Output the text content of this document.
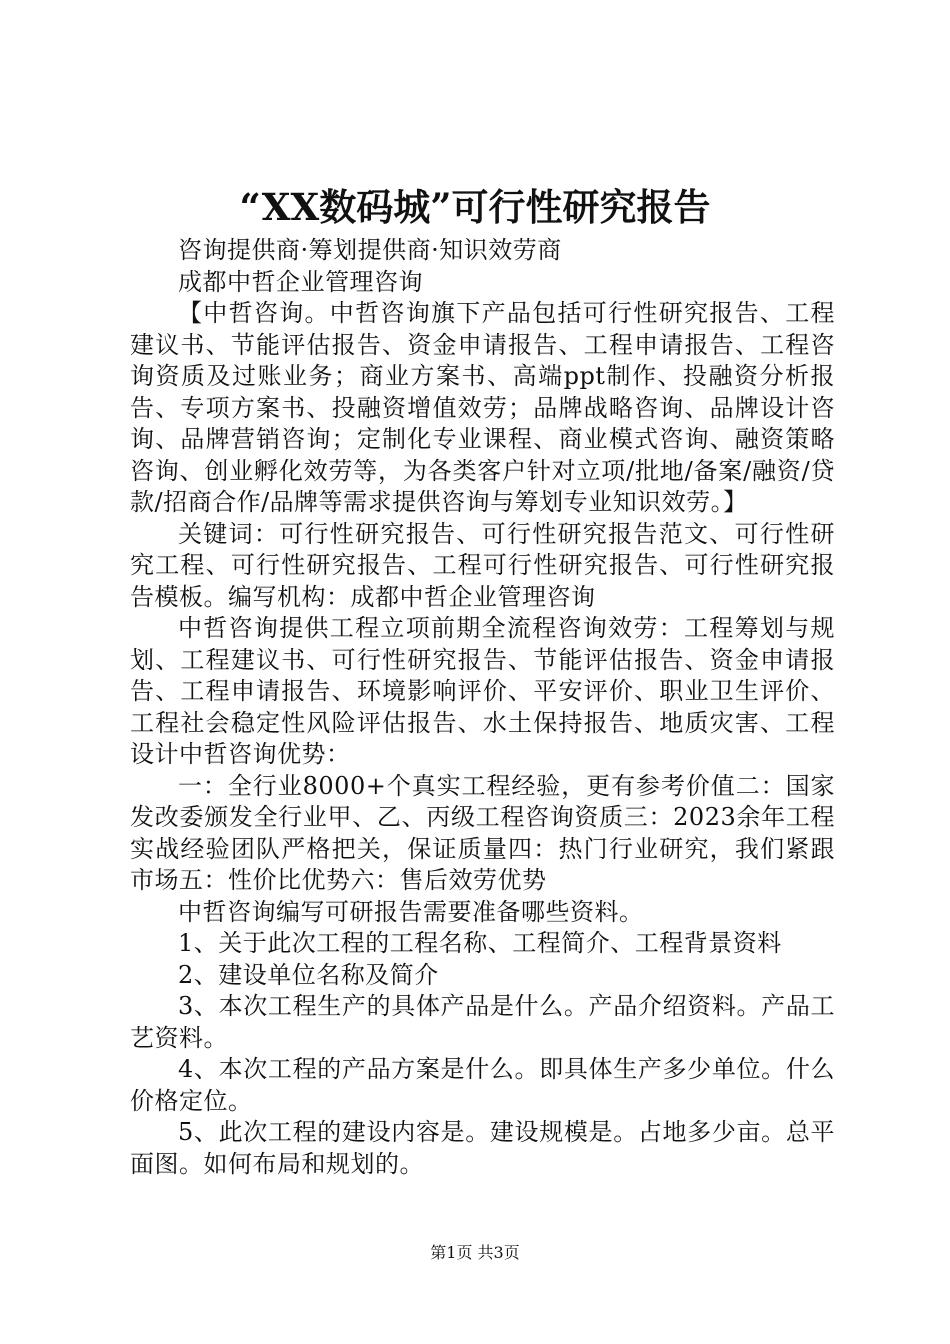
“XX数码城”可行性研究报告

咨询提供商·筹划提供商·知识效劳商

成都中哲企业管理咨询

【中哲咨询。中哲咨询旗下产品包括可行性研究报告、工程建议书、节能评估报告、资金申请报告、工程申请报告、工程咨询资质及过账业务；商业方案书、高端ppt制作、投融资分析报告、专项方案书、投融资增值效劳；品牌战略咨询、品牌设计咨询、品牌营销咨询；定制化专业课程、商业模式咨询、融资策略咨询、创业孵化效劳等，为各类客户针对立项/批地/备案/融资/贷款/招商合作/品牌等需求提供咨询与筹划专业知识效劳。】

关键词：可行性研究报告、可行性研究报告范文、可行性研究工程、可行性研究报告、工程可行性研究报告、可行性研究报告模板。编写机构：成都中哲企业管理咨询

中哲咨询提供工程立项前期全流程咨询效劳：工程筹划与规划、工程建议书、可行性研究报告、节能评估报告、资金申请报告、工程申请报告、环境影响评价、平安评价、职业卫生评价、工程社会稳定性风险评估报告、水土保持报告、地质灾害、工程设计中哲咨询优势：

一：全行业8000+个真实工程经验，更有参考价值二：国家发改委颁发全行业甲、乙、丙级工程咨询资质三：2023余年工程实战经验团队严格把关，保证质量四：热门行业研究，我们紧跟市场五：性价比优势六：售后效劳优势

中哲咨询编写可研报告需要准备哪些资料。

1、关于此次工程的工程名称、工程简介、工程背景资料

2、建设单位名称及简介

3、本次工程生产的具体产品是什么。产品介绍资料。产品工艺资料。

4、本次工程的产品方案是什么。即具体生产多少单位。什么价格定位。

5、此次工程的建设内容是。建设规模是。占地多少亩。总平面图。如何布局和规划的。

第1页 共3页
